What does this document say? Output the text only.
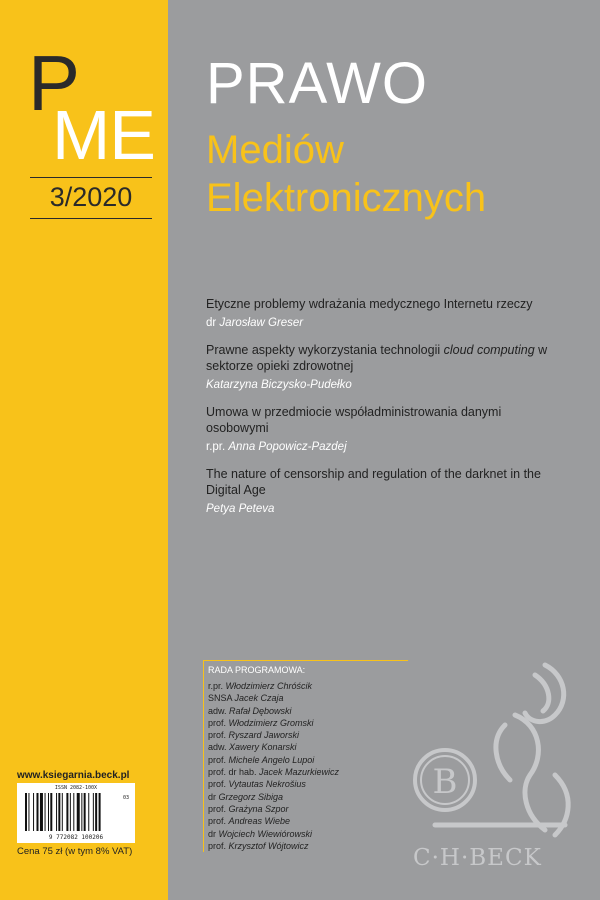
P
ME
3/2020
PRAWO
Mediów
Elektronicznych
Etyczne problemy wdrażania medycznego Internetu rzeczy
dr Jarosław Greser
Prawne aspekty wykorzystania technologii cloud computing w sektorze opieki zdrowotnej
Katarzyna Biczysko-Pudełko
Umowa w przedmiocie współadministrowania danymi osobowymi
r.pr. Anna Popowicz-Pazdej
The nature of censorship and regulation of the darknet in the Digital Age
Petya Peteva
RADA PROGRAMOWA:
r.pr. Włodzimierz Chróścik
SNSA Jacek Czaja
adw. Rafał Dębowski
prof. Włodzimierz Gromski
prof. Ryszard Jaworski
adw. Xawery Konarski
prof. Michele Angelo Lupoi
prof. dr hab. Jacek Mazurkiewicz
prof. Vytautas Nekrošius
dr Grzegorz Sibiga
prof. Grażyna Szpor
prof. Andreas Wiebe
dr Wojciech Wiewiórowski
prof. Krzysztof Wójtowicz
www.ksiegarnia.beck.pl
ISSN 2082-100X
03
9 772082 100206
Cena 75 zł (w tym 8% VAT)
B
C·H·BECK
